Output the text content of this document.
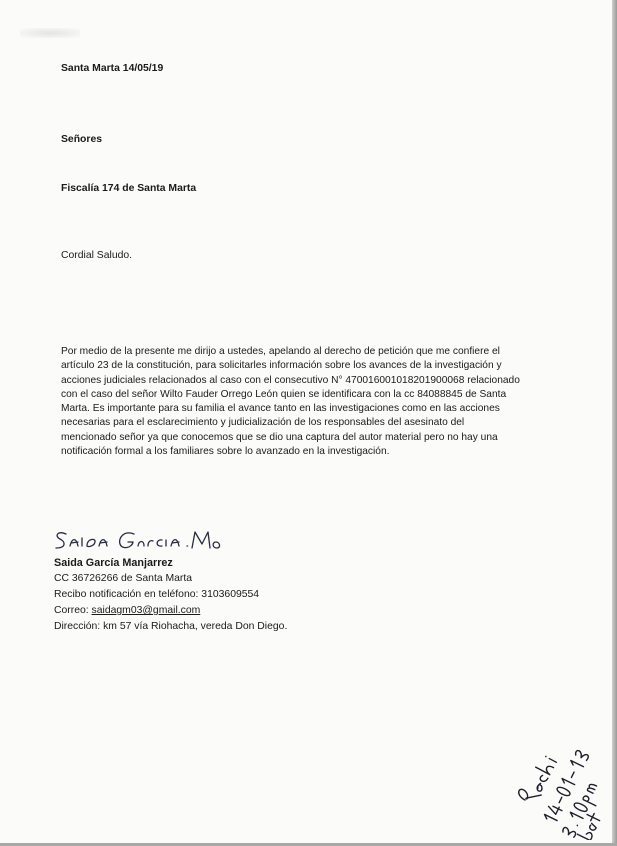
Santa Marta 14/05/19
Señores
Fiscalía 174 de Santa Marta
Cordial Saludo.
Por medio de la presente me dirijo a ustedes, apelando al derecho de petición que me confiere el
artículo 23 de la constitución, para solicitarles información sobre los avances de la investigación y
acciones judiciales relacionados al caso con el consecutivo N° 470016001018201900068 relacionado
con el caso del señor Wilto Fauder Orrego León quien se identificara con la cc 84088845 de Santa
Marta. Es importante para su familia el avance tanto en las investigaciones como en las acciones
necesarias para el esclarecimiento y judicialización de los responsables del asesinato del
mencionado señor ya que conocemos que se dio una captura del autor material pero no hay una
notificación formal a los familiares sobre lo avanzado en la investigación.
Saida García Manjarrez
CC 36726266 de Santa Marta
Recibo notificación en teléfono: 3103609554
Correo: saidagm03@gmail.com
Dirección: km 57 vía Riohacha, vereda Don Diego.
